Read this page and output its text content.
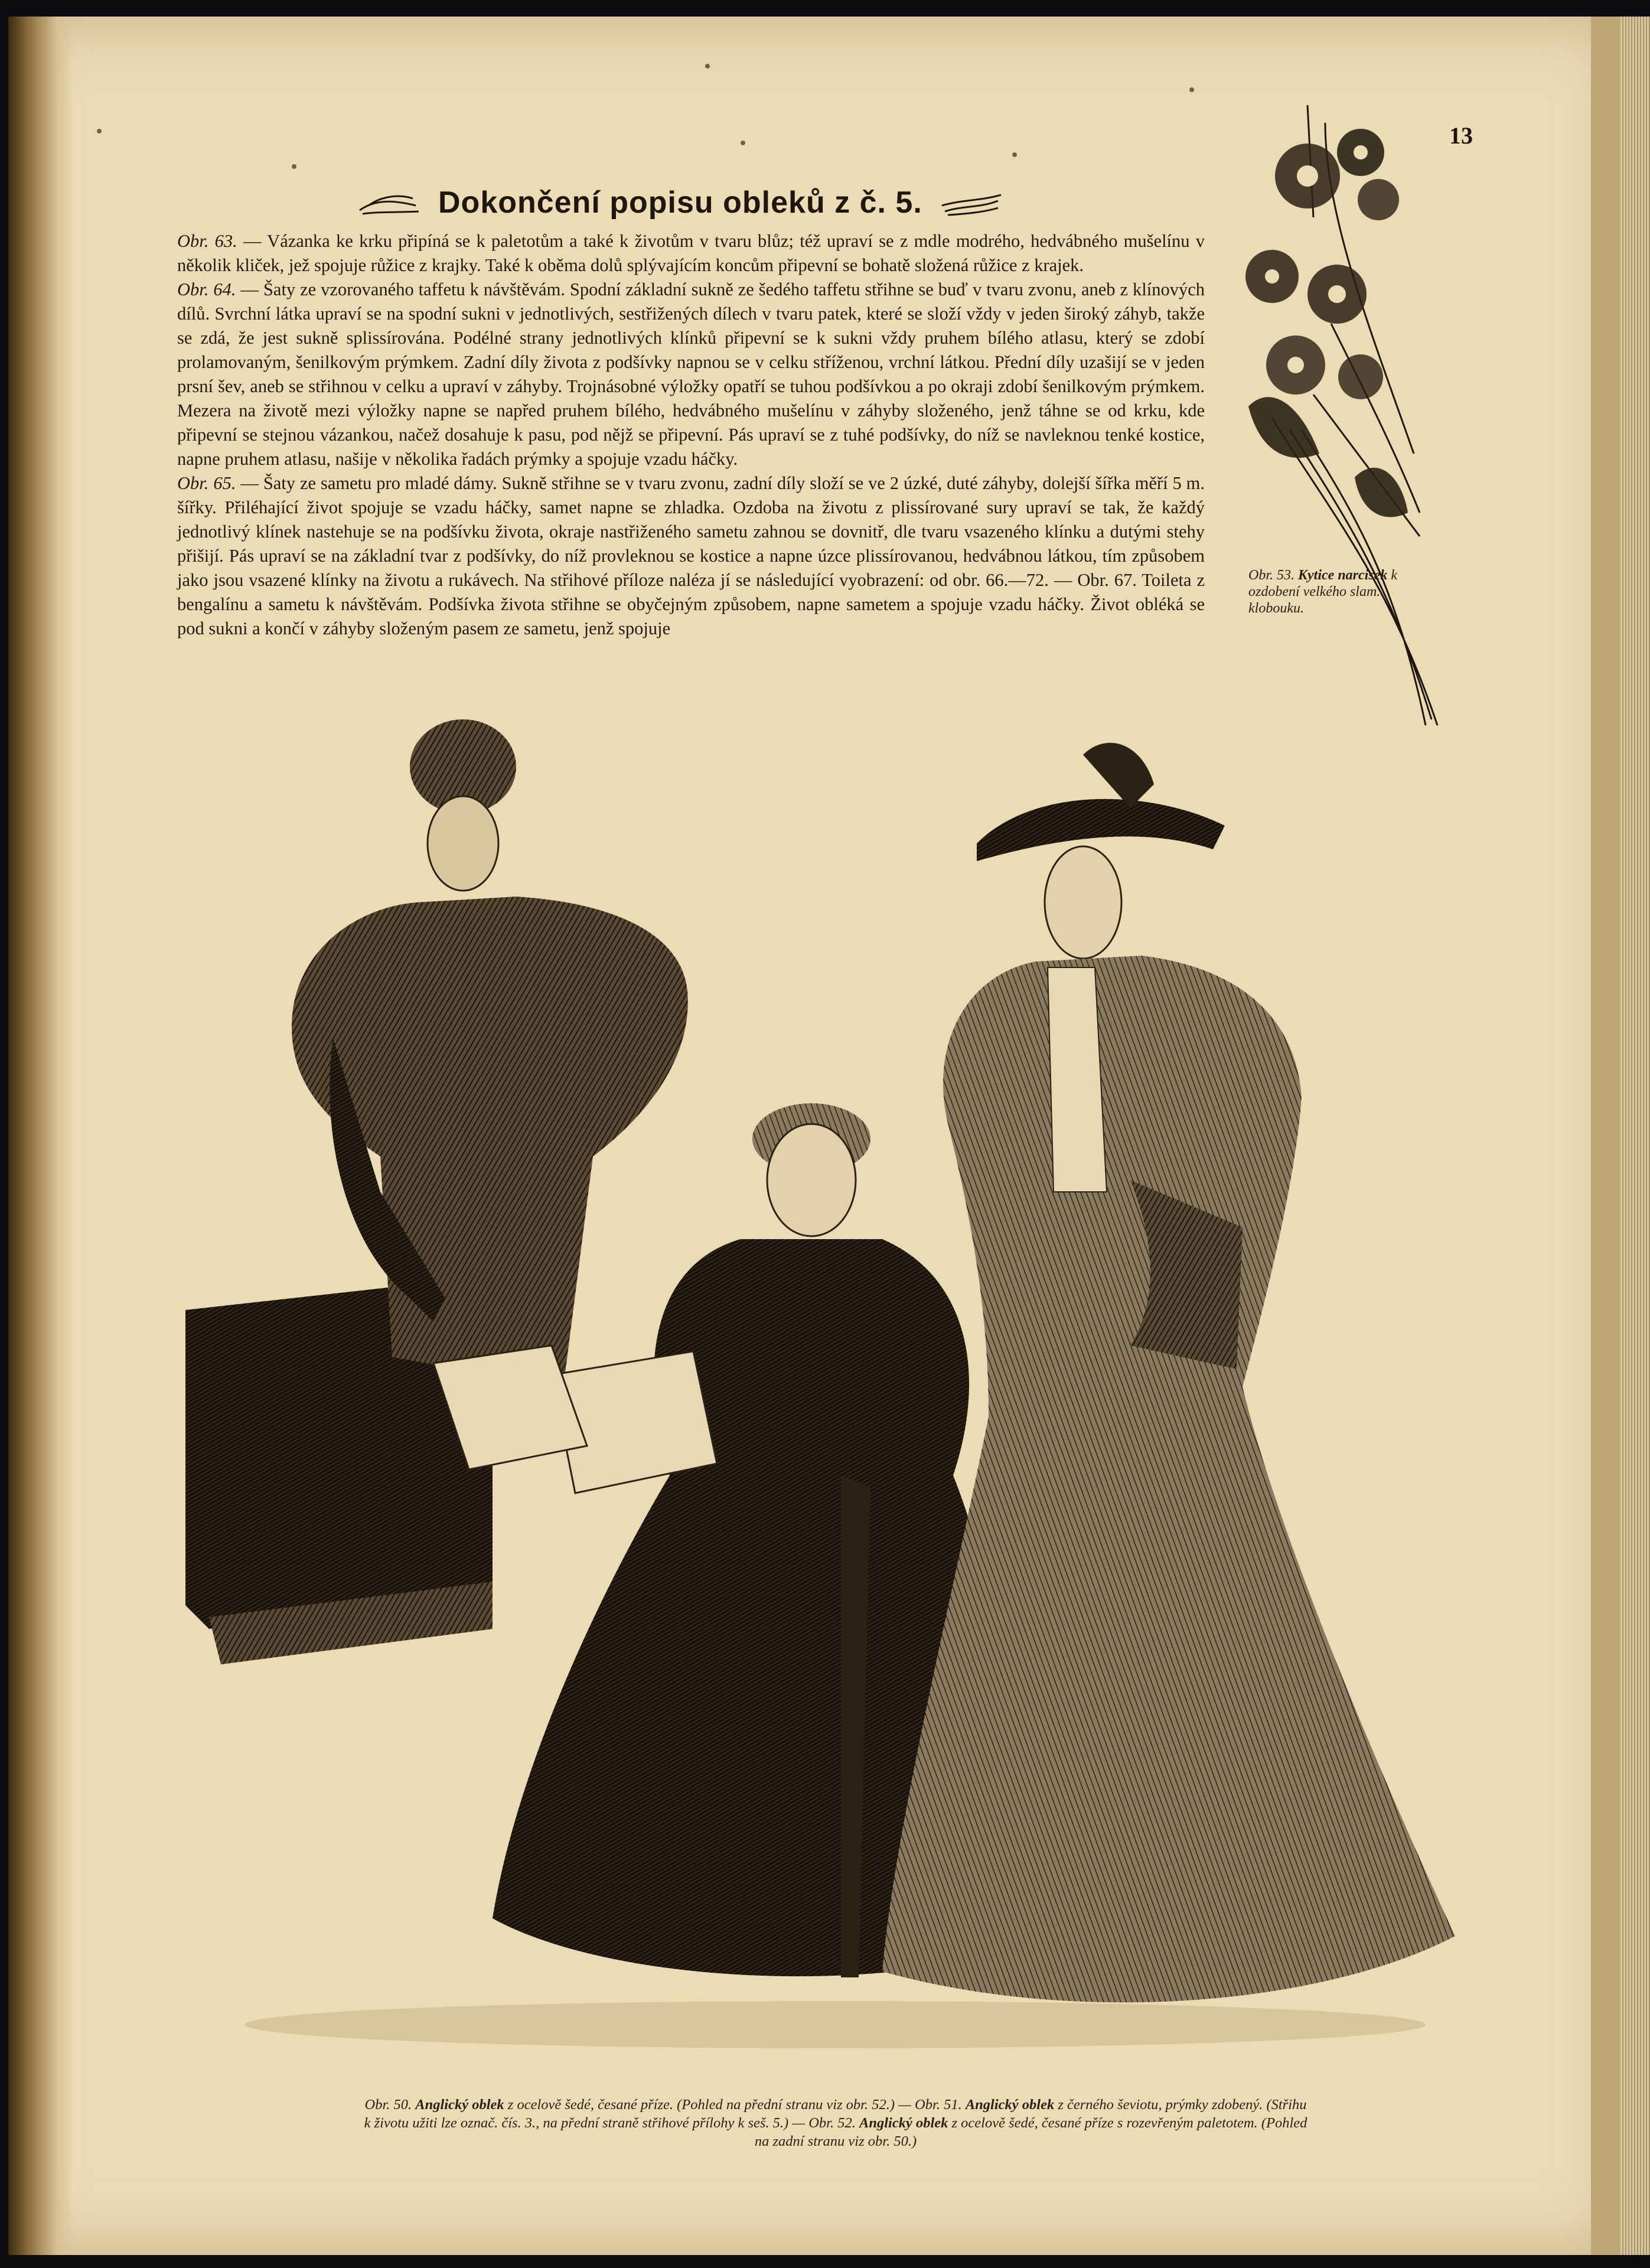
13
Dokončení popisu obleků z č. 5.

Obr. 63. — Vázanka ke krku připíná se k paletotům a také k životům v tvaru blůz; též upraví se z mdle modrého, hedvábného mušelínu v několik kliček, jež spojuje růžice z krajky. Také k oběma dolů splývajícím koncům připevní se bohatě složená růžice z krajek.

Obr. 64. — Šaty ze vzorovaného taffetu k návštěvám. Spodní základní sukně ze šedého taffetu střihne se buď v tvaru zvonu, aneb z klínových dílů. Svrchní látka upraví se na spodní sukni v jednotlivých, sestřižených dílech v tvaru patek, které se složí vždy v jeden široký záhyb, takže se zdá, že jest sukně splissírována. Podélné strany jednotlivých klínků připevní se k sukni vždy pruhem bílého atlasu, který se zdobí prolamovaným, šenilkovým prýmkem. Zadní díly života z podšívky napnou se v celku stříženou, vrchní látkou. Přední díly uzašijí se v jeden prsní šev, aneb se střihnou v celku a upraví v záhyby. Trojnásobné výložky opatří se tuhou podšívkou a po okraji zdobí šenilkovým prýmkem. Mezera na životě mezi výložky napne se napřed pruhem bílého, hedvábného mušelínu v záhyby složeného, jenž táhne se od krku, kde připevní se stejnou vázankou, načež dosahuje k pasu, pod nějž se připevní. Pás upraví se z tuhé podšívky, do níž se navleknou tenké kostice, napne pruhem atlasu, našije v několika řadách prýmky a spojuje vzadu háčky.

Obr. 65. — Šaty ze sametu pro mladé dámy. Sukně střihne se v tvaru zvonu, zadní díly složí se ve 2 úzké, duté záhyby, dolejší šířka měří 5 m. šířky. Přiléhající život spojuje se vzadu háčky, samet napne se zhladka. Ozdoba na životu z plissírované sury upraví se tak, že každý jednotlivý klínek nastehuje se na podšívku života, okraje nastřiženého sametu zahnou se dovnitř, dle tvaru vsazeného klínku a dutými stehy přišijí. Pás upraví se na základní tvar z podšívky, do níž provleknou se kostice a napne úzce plissírovanou, hedvábnou látkou, tím způsobem jako jsou vsazené klínky na životu a rukávech. Na střihové příloze naléza jí se následující vyobrazení: od obr. 66.—72. — Obr. 67. Toileta z bengalínu a sametu k návštěvám. Podšívka života střihne se obyčejným způsobem, napne sametem a spojuje vzadu háčky. Život obléká se pod sukni a končí v záhyby složeným pasem ze sametu, jenž spojuje

Obr. 53. Kytice narcisek k ozdobení velkého slam. klobouku.
Obr. 50. Anglický oblek z ocelově šedé, česané příze. (Pohled na přední stranu viz obr. 52.) — Obr. 51. Anglický oblek z černého ševiotu, prýmky zdobený. (Střihu
k životu užiti lze označ. čís. 3., na přední straně střihové přílohy k seš. 5.) — Obr. 52. Anglický oblek z ocelově šedé, česané příze s rozevřeným paletotem. (Pohled
na zadní stranu viz obr. 50.)
